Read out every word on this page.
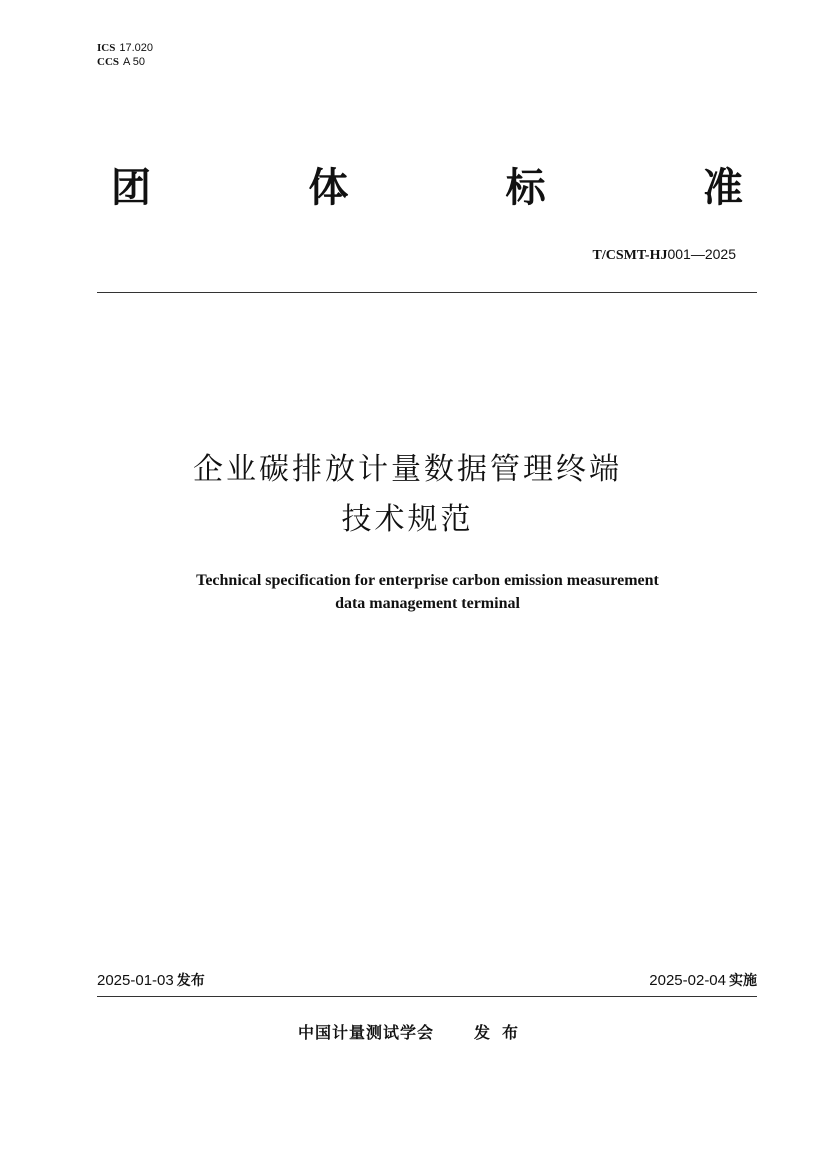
ICS 17.020
CCS A 50
团	体	标	准
T/CSMT-HJ001—2025
企业碳排放计量数据管理终端
技术规范
Technical specification for enterprise carbon emission measurement
data management terminal
2025-01-03 发布	2025-02-04 实施
中国计量测试学会	发布
